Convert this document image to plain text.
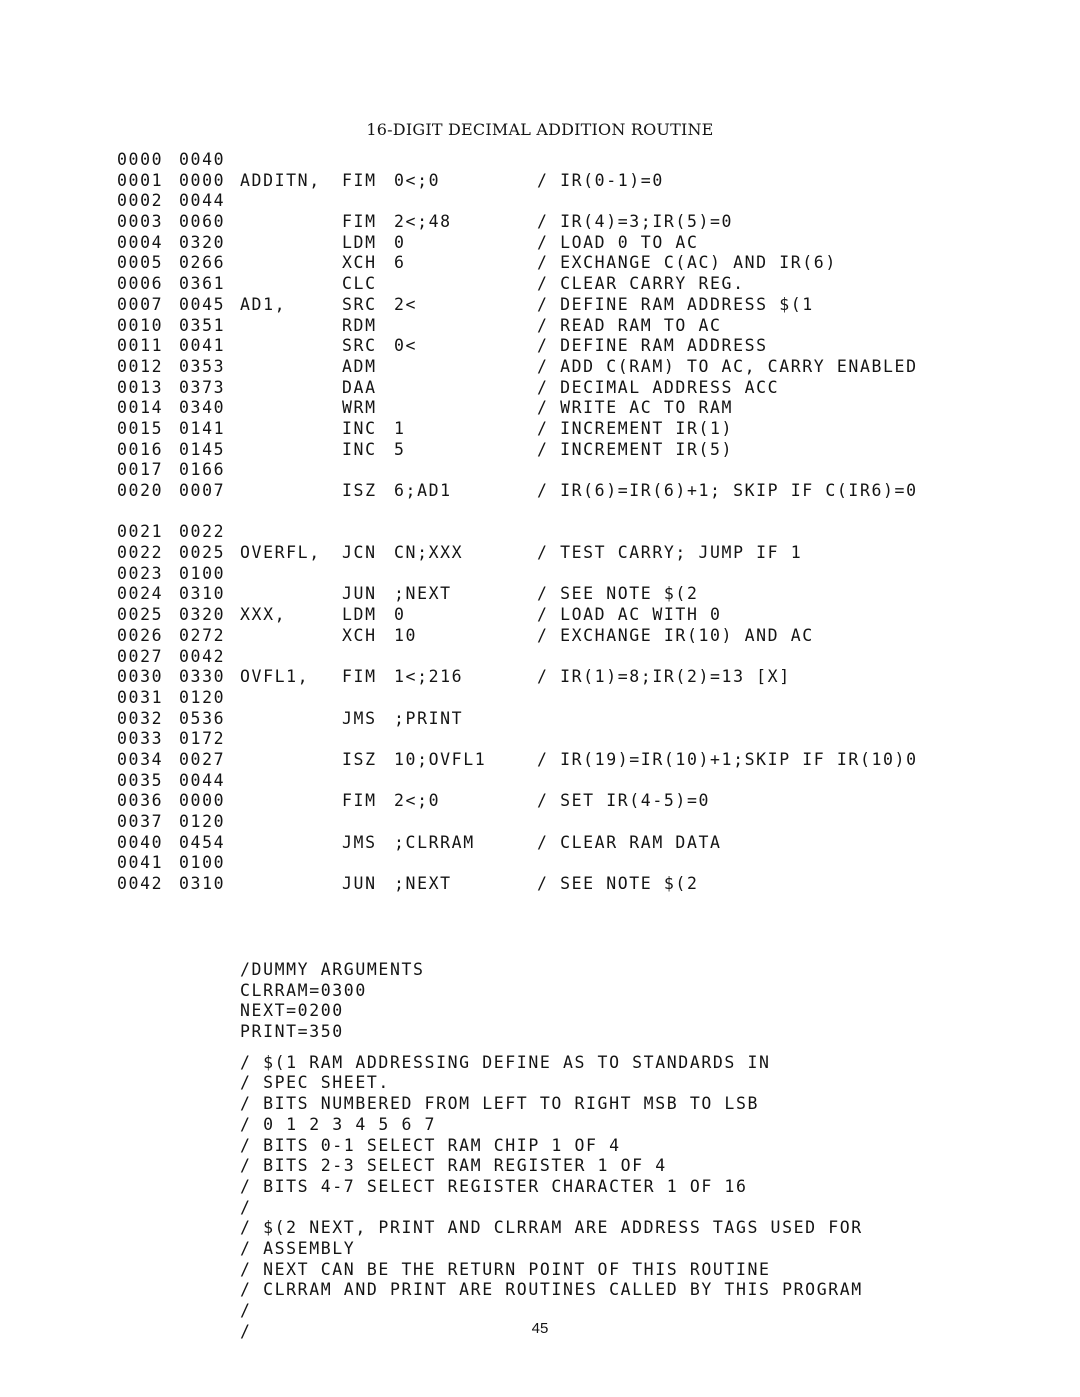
16-DIGIT DECIMAL ADDITION ROUTINE
0000 0040
0001 0000 ADDITN, FIM 0<;0	/ IR(0-1)=0
0002 0044
0003 0060	FIM 2<;48	/ IR(4)=3;IR(5)=0
0004 0320	LDM 0	/ LOAD 0 TO AC
0005 0266	XCH 6	/ EXCHANGE C(AC) AND IR(6)
0006 0361	CLC	/ CLEAR CARRY REG.
0007 0045 AD1,	SRC 2<	/ DEFINE RAM ADDRESS $(1
0010 0351	RDM	/ READ RAM TO AC
0011 0041	SRC 0<	/ DEFINE RAM ADDRESS
0012 0353	ADM	/ ADD C(RAM) TO AC, CARRY ENABLED
0013 0373	DAA	/ DECIMAL ADDRESS ACC
0014 0340	WRM	/ WRITE AC TO RAM
0015 0141	INC 1	/ INCREMENT IR(1)
0016 0145	INC 5	/ INCREMENT IR(5)
0017 0166
0020 0007	ISZ 6;AD1	/ IR(6)=IR(6)+1; SKIP IF C(IR6)=0
0021 0022
0022 0025 OVERFL, JCN CN;XXX	/ TEST CARRY; JUMP IF 1
0023 0100
0024 0310	JUN ;NEXT	/ SEE NOTE $(2
0025 0320 XXX,	LDM 0	/ LOAD AC WITH 0
0026 0272	XCH 10	/ EXCHANGE IR(10) AND AC
0027 0042
0030 0330 OVFL1, FIM 1<;216	/ IR(1)=8;IR(2)=13 [X]
0031 0120
0032 0536	JMS ;PRINT
0033 0172
0034 0027	ISZ 10;OVFL1	/ IR(19)=IR(10)+1;SKIP IF IR(10)0
0035 0044
0036 0000	FIM 2<;0	/ SET IR(4-5)=0
0037 0120
0040 0454	JMS ;CLRRAM	/ CLEAR RAM DATA
0041 0100
0042 0310	JUN ;NEXT	/ SEE NOTE $(2
/DUMMY ARGUMENTS
CLRRAM=0300
NEXT=0200
PRINT=350
/ $(1 RAM ADDRESSING DEFINE AS TO STANDARDS IN
/ SPEC SHEET.
/ BITS NUMBERED FROM LEFT TO RIGHT MSB TO LSB
/ 0 1 2 3 4 5 6 7
/ BITS 0-1 SELECT RAM CHIP 1 OF 4
/ BITS 2-3 SELECT RAM REGISTER 1 OF 4
/ BITS 4-7 SELECT REGISTER CHARACTER 1 OF 16
/
/ $(2 NEXT, PRINT AND CLRRAM ARE ADDRESS TAGS USED FOR
/ ASSEMBLY
/ NEXT CAN BE THE RETURN POINT OF THIS ROUTINE
/ CLRRAM AND PRINT ARE ROUTINES CALLED BY THIS PROGRAM
/
/	45
